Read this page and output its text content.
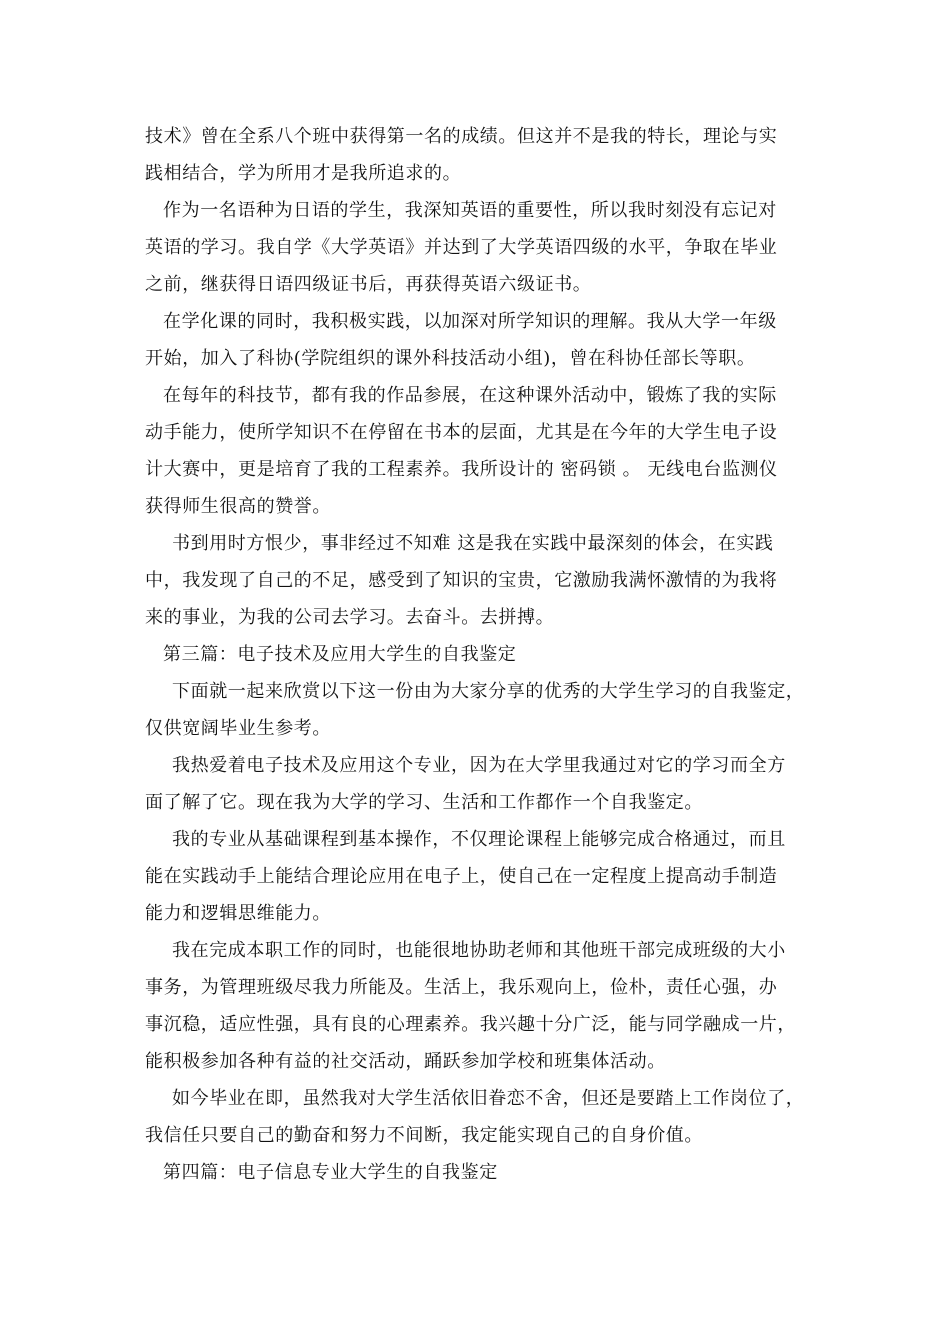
技术》曾在全系八个班中获得第一名的成绩。但这并不是我的特长，理论与实
践相结合，学为所用才是我所追求的。
作为一名语种为日语的学生，我深知英语的重要性，所以我时刻没有忘记对
英语的学习。我自学《大学英语》并达到了大学英语四级的水平，争取在毕业
之前，继获得日语四级证书后，再获得英语六级证书。
在学化课的同时，我积极实践，以加深对所学知识的理解。我从大学一年级
开始，加入了科协(学院组织的课外科技活动小组)，曾在科协任部长等职。
在每年的科技节，都有我的作品参展，在这种课外活动中，锻炼了我的实际
动手能力，使所学知识不在停留在书本的层面，尤其是在今年的大学生电子设
计大赛中，更是培育了我的工程素养。我所设计的 密码锁 。 无线电台监测仪
获得师生很高的赞誉。
书到用时方恨少，事非经过不知难 这是我在实践中最深刻的体会，在实践
中，我发现了自己的不足，感受到了知识的宝贵，它激励我满怀激情的为我将
来的事业，为我的公司去学习。去奋斗。去拼搏。
第三篇：电子技术及应用大学生的自我鉴定
下面就一起来欣赏以下这一份由为大家分享的优秀的大学生学习的自我鉴定，
仅供宽阔毕业生参考。
我热爱着电子技术及应用这个专业，因为在大学里我通过对它的学习而全方
面了解了它。现在我为大学的学习、生活和工作都作一个自我鉴定。
我的专业从基础课程到基本操作，不仅理论课程上能够完成合格通过，而且
能在实践动手上能结合理论应用在电子上，使自己在一定程度上提高动手制造
能力和逻辑思维能力。
我在完成本职工作的同时，也能很地协助老师和其他班干部完成班级的大小
事务，为管理班级尽我力所能及。生活上，我乐观向上，俭朴，责任心强，办
事沉稳，适应性强，具有良的心理素养。我兴趣十分广泛，能与同学融成一片，
能积极参加各种有益的社交活动，踊跃参加学校和班集体活动。
如今毕业在即，虽然我对大学生活依旧眷恋不舍，但还是要踏上工作岗位了，
我信任只要自己的勤奋和努力不间断，我定能实现自己的自身价值。
第四篇：电子信息专业大学生的自我鉴定
